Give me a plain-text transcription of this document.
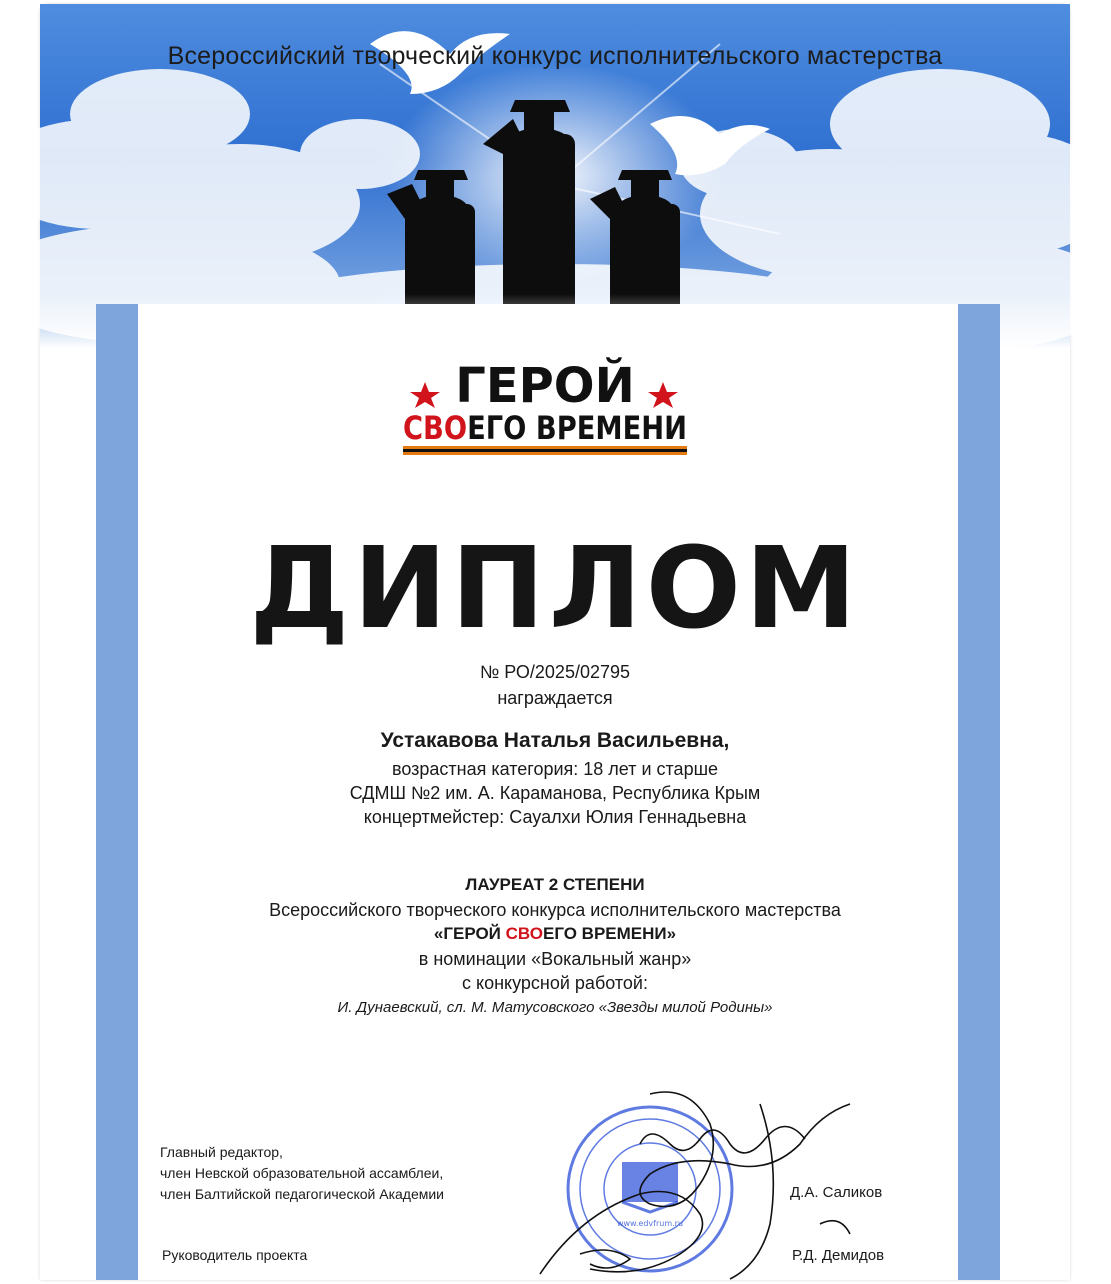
Всероссийский творческий конкурс исполнительского мастерства
ГЕРОЙ
СВОЕГО ВРЕМЕНИ
ДИПЛОМ
№ РО/2025/02795
награждается
Устакавова Наталья Васильевна,
возрастная категория: 18 лет и старше
СДМШ №2 им. А. Караманова, Республика Крым
концертмейстер: Сауалхи Юлия Геннадьевна
ЛАУРЕАТ 2 СТЕПЕНИ
Всероссийского творческого конкурса исполнительского мастерства
«ГЕРОЙ СВОЕГО ВРЕМЕНИ»
в номинации «Вокальный жанр»
с конкурсной работой:
И. Дунаевский, сл. М. Матусовского «Звезды милой Родины»
www.edvfrum.ru
Главный редактор,
член Невской образовательной ассамблеи,
член Балтийской педагогической Академии	Д.А. Саликов
Руководитель проекта	Р.Д. Демидов
